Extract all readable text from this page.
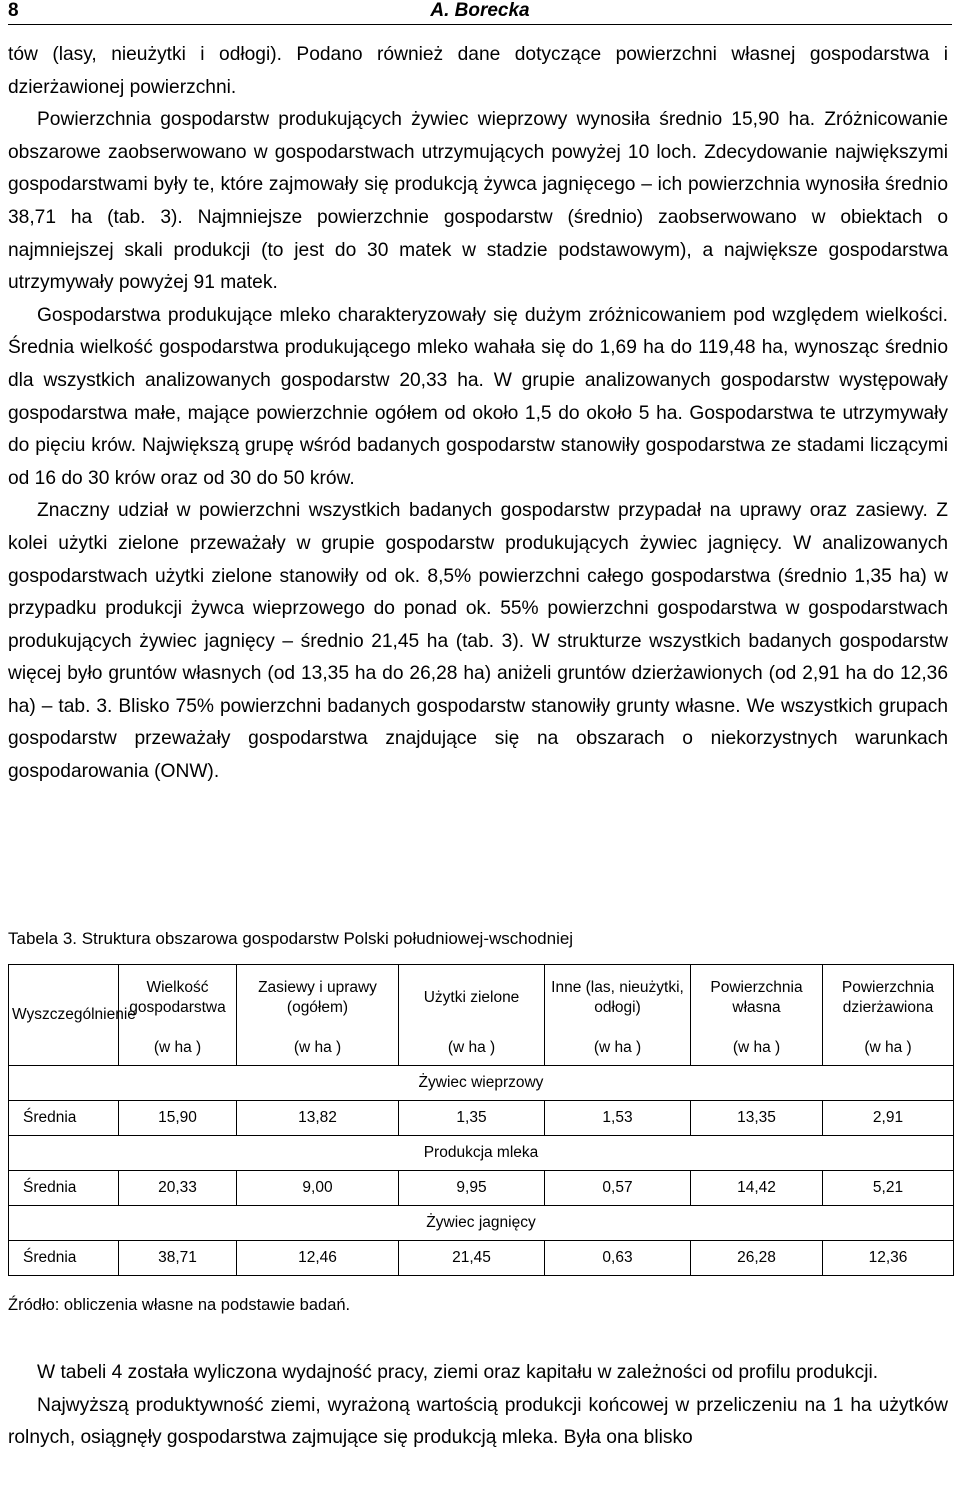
8	A. Borecka

tów (lasy, nieużytki i odłogi). Podano również dane dotyczące powierzchni własnej gospodarstwa i dzierżawionej powierzchni.

Powierzchnia gospodarstw produkujących żywiec wieprzowy wynosiła średnio 15,90 ha. Zróżnicowanie obszarowe zaobserwowano w gospodarstwach utrzymujących powyżej 10 loch. Zdecydowanie największymi gospodarstwami były te, które zajmowały się produkcją żywca jagnięcego – ich powierzchnia wynosiła średnio 38,71 ha (tab. 3). Najmniejsze powierzchnie gospodarstw (średnio) zaobserwowano w obiektach o najmniejszej skali produkcji (to jest do 30 matek w stadzie podstawowym), a największe gospodarstwa utrzymywały powyżej 91 matek.

Gospodarstwa produkujące mleko charakteryzowały się dużym zróżnicowaniem pod względem wielkości. Średnia wielkość gospodarstwa produkującego mleko wahała się do 1,69 ha do 119,48 ha, wynosząc średnio dla wszystkich analizowanych gospodarstw 20,33 ha. W grupie analizowanych gospodarstw występowały gospodarstwa małe, mające powierzchnie ogółem od około 1,5 do około 5 ha. Gospodarstwa te utrzymywały do pięciu krów. Największą grupę wśród badanych gospodarstw stanowiły gospodarstwa ze stadami liczącymi od 16 do 30 krów oraz od 30 do 50 krów.

Znaczny udział w powierzchni wszystkich badanych gospodarstw przypadał na uprawy oraz zasiewy. Z kolei użytki zielone przeważały w grupie gospodarstw produkujących żywiec jagnięcy. W analizowanych gospodarstwach użytki zielone stanowiły od ok. 8,5% powierzchni całego gospodarstwa (średnio 1,35 ha) w przypadku produkcji żywca wieprzowego do ponad ok. 55% powierzchni gospodarstwa w gospodarstwach produkujących żywiec jagnięcy – średnio 21,45 ha (tab. 3). W strukturze wszystkich badanych gospodarstw więcej było gruntów własnych (od 13,35 ha do 26,28 ha) aniżeli gruntów dzierżawionych (od 2,91 ha do 12,36 ha) – tab. 3. Blisko 75% powierzchni badanych gospodarstw stanowiły grunty własne. We wszystkich grupach gospodarstw przeważały gospodarstwa znajdujące się na obszarach o niekorzystnych warunkach gospodarowania (ONW).

Tabela 3. Struktura obszarowa gospodarstw Polski południowej-wschodniej
Wyszczególnienie	Wielkość gospodarstwa	Zasiewy i uprawy (ogółem)	Użytki zielone	Inne (las, nieużytki, odłogi)	Powierzchnia własna	Powierzchnia dzierżawiona
	(w ha )	(w ha )	(w ha )	(w ha )	(w ha )	(w ha )
Żywiec wieprzowy						
Średnia	15,90	13,82	1,35	1,53	13,35	2,91
Produkcja mleka						
Średnia	20,33	9,00	9,95	0,57	14,42	5,21
Żywiec jagnięcy						
Średnia	38,71	12,46	21,45	0,63	26,28	12,36
Źródło: obliczenia własne na podstawie badań.

W tabeli 4 została wyliczona wydajność pracy, ziemi oraz kapitału w zależności od profilu produkcji.

Najwyższą produktywność ziemi, wyrażoną wartością produkcji końcowej w przeliczeniu na 1 ha użytków rolnych, osiągnęły gospodarstwa zajmujące się produkcją mleka. Była ona blisko
